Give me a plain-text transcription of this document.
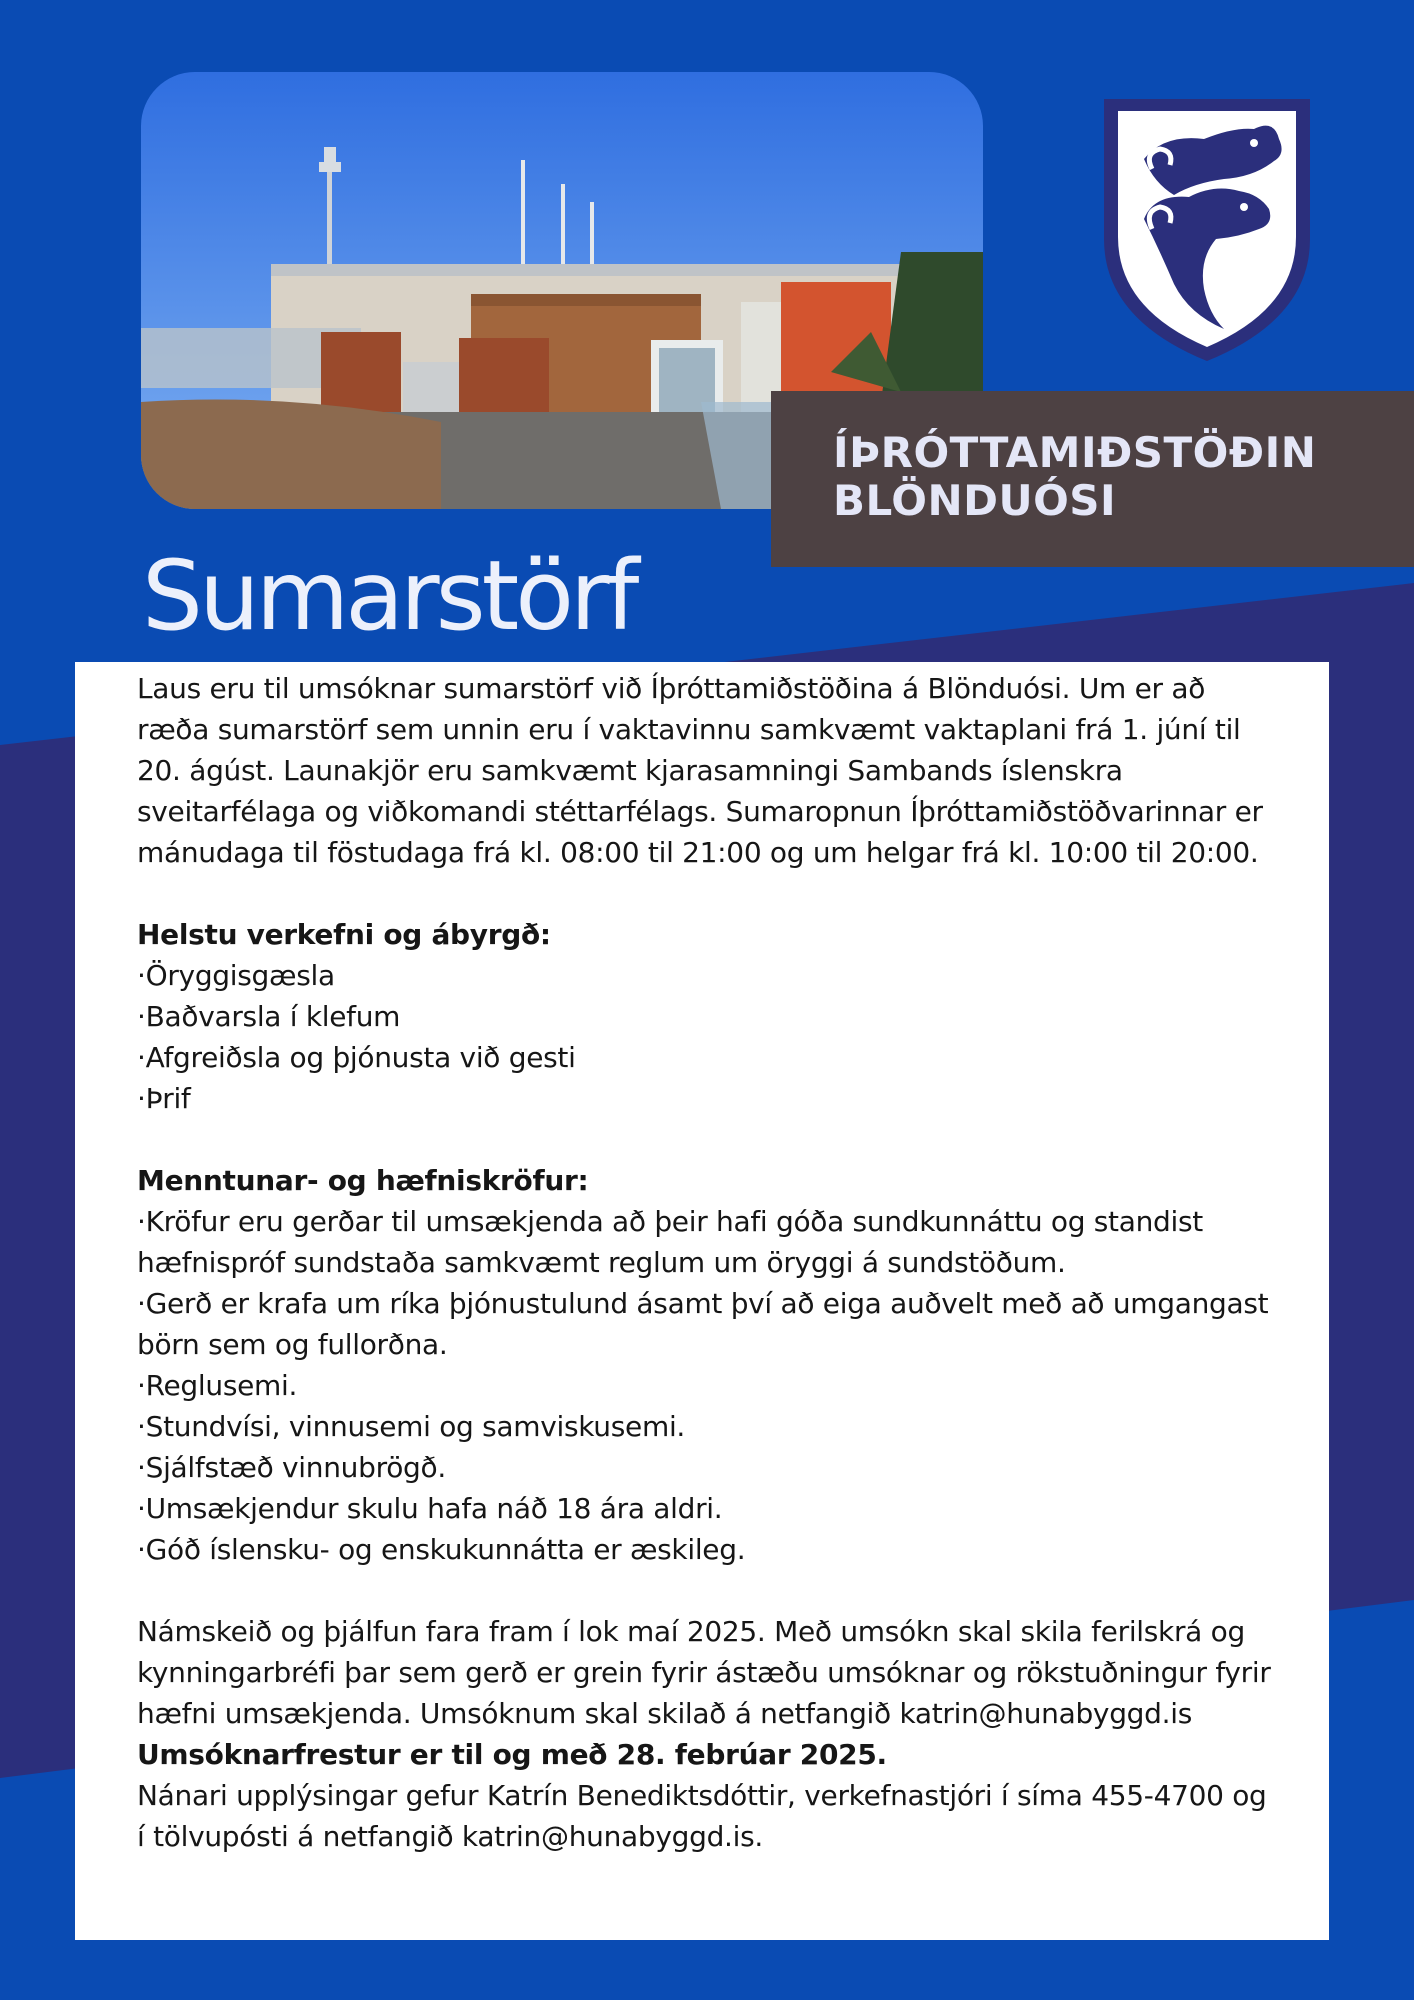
ÍÞRÓTTAMIÐSTÖÐIN
BLÖNDUÓSI
Sumarstörf

Laus eru til umsóknar sumarstörf við Íþróttamiðstöðina á Blönduósi. Um er að ræða sumarstörf sem unnin eru í vaktavinnu samkvæmt vaktaplani frá 1. júní til 20. ágúst. Launakjör eru samkvæmt kjarasamningi Sambands íslenskra sveitarfélaga og viðkomandi stéttarfélags. Sumaropnun Íþróttamiðstöðvarinnar er mánudaga til föstudaga frá kl. 08:00 til 21:00 og um helgar frá kl. 10:00 til 20:00.

Helstu verkefni og ábyrgð:

·Öryggisgæsla
·Baðvarsla í klefum
·Afgreiðsla og þjónusta við gesti
·Þrif

Menntunar- og hæfniskröfur:

·Kröfur eru gerðar til umsækjenda að þeir hafi góða sundkunnáttu og standist hæfnispróf sundstaða samkvæmt reglum um öryggi á sundstöðum.
·Gerð er krafa um ríka þjónustulund ásamt því að eiga auðvelt með að umgangast börn sem og fullorðna.
·Reglusemi.
·Stundvísi, vinnusemi og samviskusemi.
·Sjálfstæð vinnubrögð.
·Umsækjendur skulu hafa náð 18 ára aldri.
·Góð íslensku- og enskukunnátta er æskileg.

Námskeið og þjálfun fara fram í lok maí 2025. Með umsókn skal skila ferilskrá og kynningarbréfi þar sem gerð er grein fyrir ástæðu umsóknar og rökstuðningur fyrir hæfni umsækjenda. Umsóknum skal skilað á netfangið katrin@hunabyggd.is

Umsóknarfrestur er til og með 28. febrúar 2025.

Nánari upplýsingar gefur Katrín Benediktsdóttir, verkefnastjóri í síma 455-4700 og í tölvupósti á netfangið katrin@hunabyggd.is.
